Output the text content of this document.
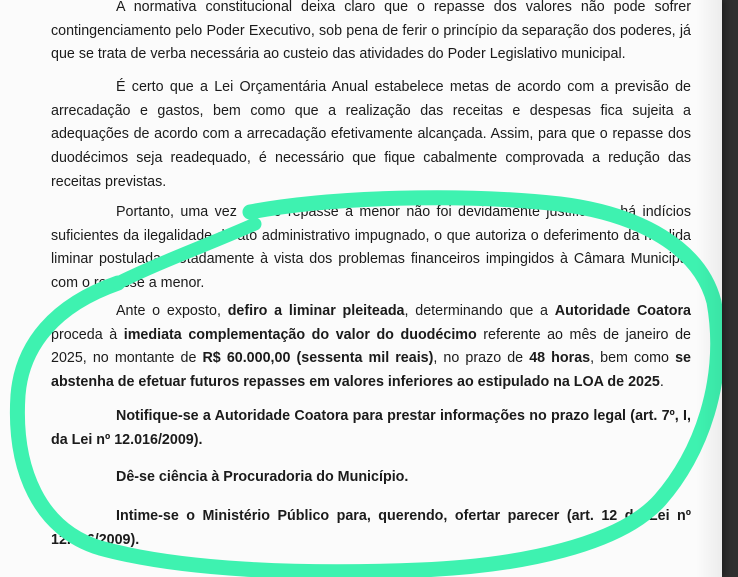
A normativa constitucional deixa claro que o repasse dos valores não pode sofrer contingenciamento pelo Poder Executivo, sob pena de ferir o princípio da separação dos poderes, já que se trata de verba necessária ao custeio das atividades do Poder Legislativo municipal.

É certo que a Lei Orçamentária Anual estabelece metas de acordo com a previsão de arrecadação e gastos, bem como que a realização das receitas e despesas fica sujeita a adequações de acordo com a arrecadação efetivamente alcançada. Assim, para que o repasse dos duodécimos seja readequado, é necessário que fique cabalmente comprovada a redução das receitas previstas.

Portanto, uma vez que o repasse a menor não foi devidamente justificado, há indícios suficientes da ilegalidade do ato administrativo impugnado, o que autoriza o deferimento da medida liminar postulada, notadamente à vista dos problemas financeiros impingidos à Câmara Municipal com o repasse a menor.

Ante o exposto, defiro a liminar pleiteada, determinando que a Autoridade Coatora proceda à imediata complementação do valor do duodécimo referente ao mês de janeiro de 2025, no montante de R$ 60.000,00 (sessenta mil reais), no prazo de 48 horas, bem como se abstenha de efetuar futuros repasses em valores inferiores ao estipulado na LOA de 2025.

Notifique-se a Autoridade Coatora para prestar informações no prazo legal (art. 7º, I, da Lei nº 12.016/2009).

Dê-se ciência à Procuradoria do Município.

Intime-se o Ministério Público para, querendo, ofertar parecer (art. 12 da Lei nº 12.016/2009).
